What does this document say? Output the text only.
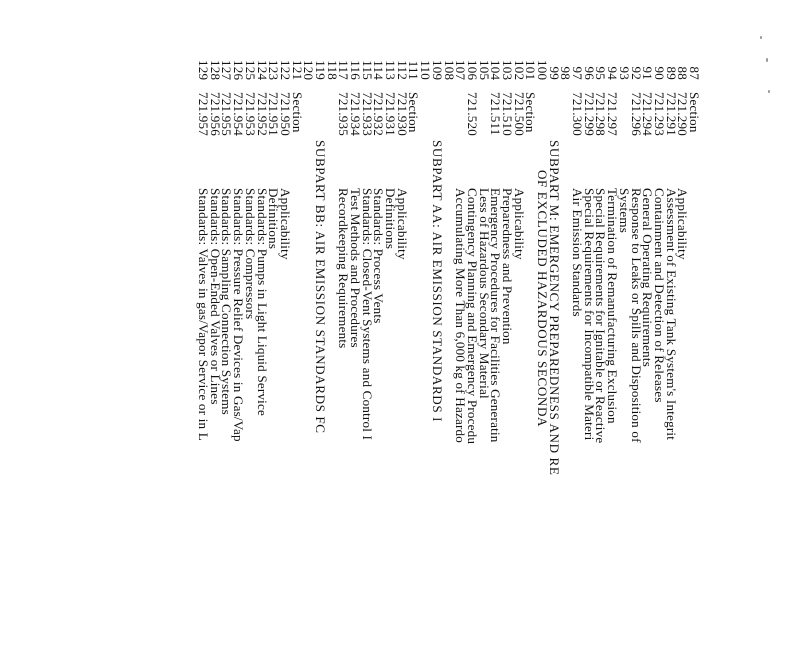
87
Section
88
721.290
Applicability
89
721.291
Assessment of Existing Tank System's Integrit
90
721.293
Containment and Detection of Releases
91
721.294
General Operating Requirements
92
721.296
Response to Leaks or Spills and Disposition of
93
Systems
94
721.297
Termination of Remanufacturing Exclusion
95
721.298
Special Requirements for Ignitable or Reactive
96
721.299
Special Requirements for Incompatible Materi
97
721.300
Air Emission Standards
98
99
SUBPART M: EMERGENCY PREPAREDNESS AND RE
100
OF EXCLUDED HAZARDOUS SECONDA
101
Section
102
721.500
Applicability
103
721.510
Preparedness and Prevention
104
721.511
Emergency Procedures for Facilities Generatin
105
Less of Hazardous Secondary Material
106
721.520
Contingency Planning and Emergency Procedu
107
Accumulating More Than 6,000 kg of Hazardo
108
109
SUBPART AA: AIR EMISSION STANDARDS I
110
111
Section
112
721.930
Applicability
113
721.931
Definitions
114
721.932
Standards: Process Vents
115
721.933
Standards: Closed-Vent Systems and Control I
116
721.934
Test Methods and Procedures
117
721.935
Recordkeeping Requirements
118
119
SUBPART BB: AIR EMISSION STANDARDS FC
120
121
Section
122
721.950
Applicability
123
721.951
Definitions
124
721.952
Standards: Pumps in Light Liquid Service
125
721.953
Standards: Compressors
126
721.954
Standards: Pressure Relief Devices in Gas/Vap
127
721.955
Standards: Sampling Connection Systems
128
721.956
Standards: Open-Ended Valves or Lines
129
721.957
Standards: Valves in gas/Vapor Service or in L
